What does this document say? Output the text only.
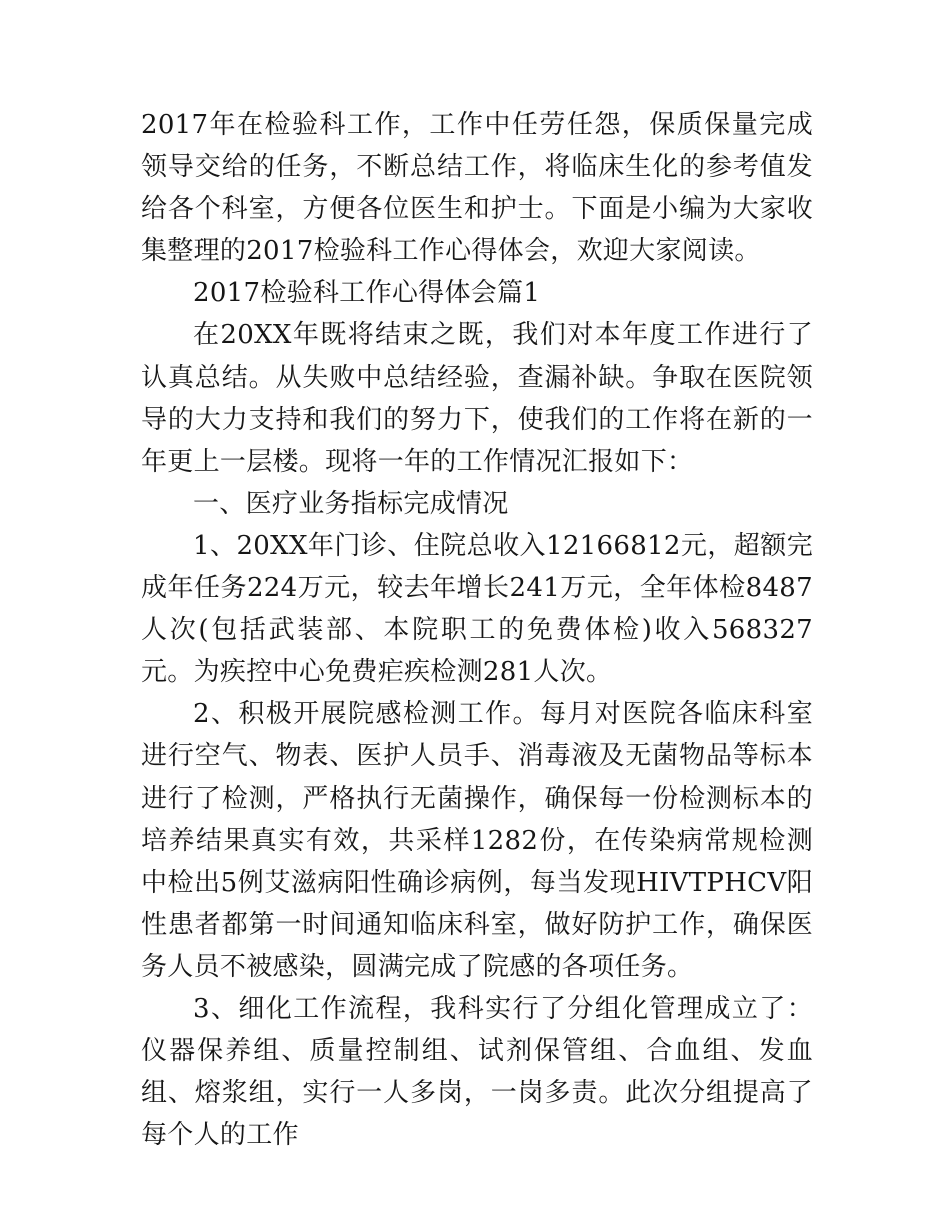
2017年在检验科工作，工作中任劳任怨，保质保量完成领导交给的任务，不断总结工作，将临床生化的参考值发给各个科室，方便各位医生和护士。下面是小编为大家收集整理的2017检验科工作心得体会，欢迎大家阅读。

2017检验科工作心得体会篇1

在20XX年既将结束之既，我们对本年度工作进行了认真总结。从失败中总结经验，查漏补缺。争取在医院领导的大力支持和我们的努力下，使我们的工作将在新的一年更上一层楼。现将一年的工作情况汇报如下：

一、医疗业务指标完成情况

1、20XX年门诊、住院总收入12166812元，超额完成年任务224万元，较去年增长241万元，全年体检8487人次(包括武装部、本院职工的免费体检)收入568327元。为疾控中心免费疟疾检测281人次。

2、积极开展院感检测工作。每月对医院各临床科室进行空气、物表、医护人员手、消毒液及无菌物品等标本进行了检测，严格执行无菌操作，确保每一份检测标本的培养结果真实有效，共采样1282份，在传染病常规检测中检出5例艾滋病阳性确诊病例，每当发现HIVTPHCV阳性患者都第一时间通知临床科室，做好防护工作，确保医务人员不被感染，圆满完成了院感的各项任务。

3、细化工作流程，我科实行了分组化管理成立了：仪器保养组、质量控制组、试剂保管组、合血组、发血组、熔浆组，实行一人多岗，一岗多责。此次分组提高了每个人的工作
